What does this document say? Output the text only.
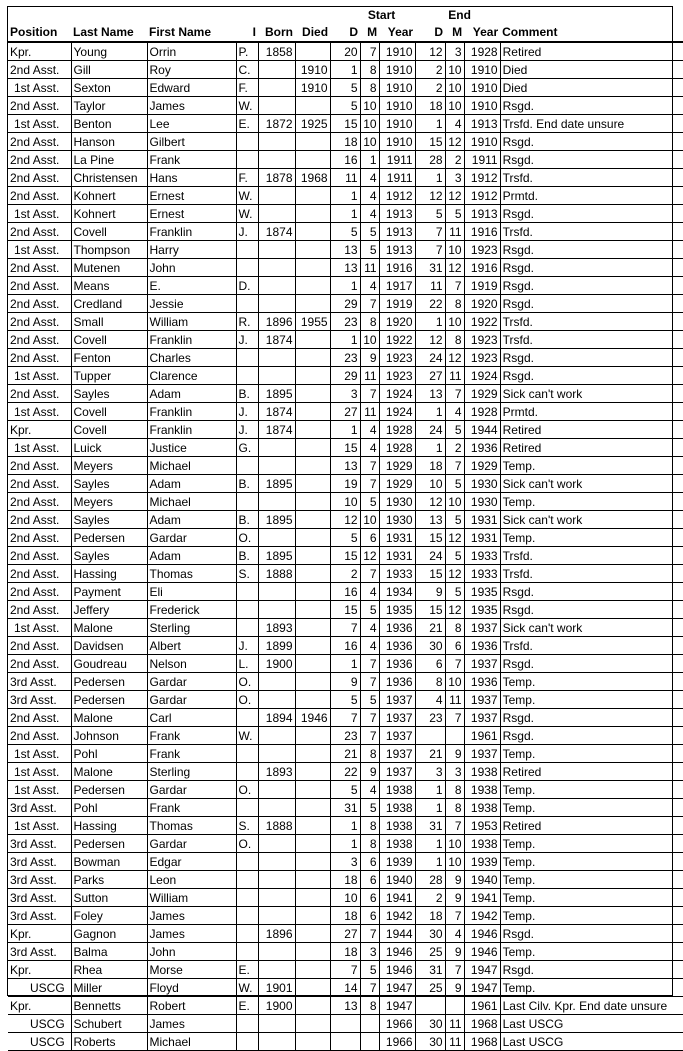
						Start			End			
Position	Last Name	First Name	I	Born	Died	D	M	Year	D	M	Year	Comment
Kpr.	Young	Orrin	P.	1858		20	7	1910	12	3	1928	Retired
2nd Asst.	Gill	Roy	C.		1910	1	8	1910	2	10	1910	Died
1st Asst.	Sexton	Edward	F.		1910	5	8	1910	2	10	1910	Died
2nd Asst.	Taylor	James	W.			5	10	1910	18	10	1910	Rsgd.
1st Asst.	Benton	Lee	E.	1872	1925	15	10	1910	1	4	1913	Trsfd. End date unsure
2nd Asst.	Hanson	Gilbert				18	10	1910	15	12	1910	Rsgd.
2nd Asst.	La Pine	Frank				16	1	1911	28	2	1911	Rsgd.
2nd Asst.	Christensen	Hans	F.	1878	1968	11	4	1911	1	3	1912	Trsfd.
2nd Asst.	Kohnert	Ernest	W.			1	4	1912	12	12	1912	Prmtd.
1st Asst.	Kohnert	Ernest	W.			1	4	1913	5	5	1913	Rsgd.
2nd Asst.	Covell	Franklin	J.	1874		5	5	1913	7	11	1916	Trsfd.
1st Asst.	Thompson	Harry				13	5	1913	7	10	1923	Rsgd.
2nd Asst.	Mutenen	John				13	11	1916	31	12	1916	Rsgd.
2nd Asst.	Means	E.	D.			1	4	1917	11	7	1919	Rsgd.
2nd Asst.	Credland	Jessie				29	7	1919	22	8	1920	Rsgd.
2nd Asst.	Small	William	R.	1896	1955	23	8	1920	1	10	1922	Trsfd.
2nd Asst.	Covell	Franklin	J.	1874		1	10	1922	12	8	1923	Trsfd.
2nd Asst.	Fenton	Charles				23	9	1923	24	12	1923	Rsgd.
1st Asst.	Tupper	Clarence				29	11	1923	27	11	1924	Rsgd.
2nd Asst.	Sayles	Adam	B.	1895		3	7	1924	13	7	1929	Sick can't work
1st Asst.	Covell	Franklin	J.	1874		27	11	1924	1	4	1928	Prmtd.
Kpr.	Covell	Franklin	J.	1874		1	4	1928	24	5	1944	Retired
1st Asst.	Luick	Justice	G.			15	4	1928	1	2	1936	Retired
2nd Asst.	Meyers	Michael				13	7	1929	18	7	1929	Temp.
2nd Asst.	Sayles	Adam	B.	1895		19	7	1929	10	5	1930	Sick can't work
2nd Asst.	Meyers	Michael				10	5	1930	12	10	1930	Temp.
2nd Asst.	Sayles	Adam	B.	1895		12	10	1930	13	5	1931	Sick can't work
2nd Asst.	Pedersen	Gardar	O.			5	6	1931	15	12	1931	Temp.
2nd Asst.	Sayles	Adam	B.	1895		15	12	1931	24	5	1933	Trsfd.
2nd Asst.	Hassing	Thomas	S.	1888		2	7	1933	15	12	1933	Trsfd.
2nd Asst.	Payment	Eli				16	4	1934	9	5	1935	Rsgd.
2nd Asst.	Jeffery	Frederick				15	5	1935	15	12	1935	Rsgd.
1st Asst.	Malone	Sterling		1893		7	4	1936	21	8	1937	Sick can't work
2nd Asst.	Davidsen	Albert	J.	1899		16	4	1936	30	6	1936	Trsfd.
2nd Asst.	Goudreau	Nelson	L.	1900		1	7	1936	6	7	1937	Rsgd.
3rd Asst.	Pedersen	Gardar	O.			9	7	1936	8	10	1936	Temp.
3rd Asst.	Pedersen	Gardar	O.			5	5	1937	4	11	1937	Temp.
2nd Asst.	Malone	Carl		1894	1946	7	7	1937	23	7	1937	Rsgd.
2nd Asst.	Johnson	Frank	W.			23	7	1937			1961	Rsgd.
1st Asst.	Pohl	Frank				21	8	1937	21	9	1937	Temp.
1st Asst.	Malone	Sterling		1893		22	9	1937	3	3	1938	Retired
1st Asst.	Pedersen	Gardar	O.			5	4	1938	1	8	1938	Temp.
3rd Asst.	Pohl	Frank				31	5	1938	1	8	1938	Temp.
1st Asst.	Hassing	Thomas	S.	1888		1	8	1938	31	7	1953	Retired
3rd Asst.	Pedersen	Gardar	O.			1	8	1938	1	10	1938	Temp.
3rd Asst.	Bowman	Edgar				3	6	1939	1	10	1939	Temp.
3rd Asst.	Parks	Leon				18	6	1940	28	9	1940	Temp.
3rd Asst.	Sutton	William				10	6	1941	2	9	1941	Temp.
3rd Asst.	Foley	James				18	6	1942	18	7	1942	Temp.
Kpr.	Gagnon	James		1896		27	7	1944	30	4	1946	Rsgd.
3rd Asst.	Balma	John				18	3	1946	25	9	1946	Temp.
Kpr.	Rhea	Morse	E.			7	5	1946	31	7	1947	Rsgd.
USCG	Miller	Floyd	W.	1901		14	7	1947	25	9	1947	Temp.
Kpr.	Bennetts	Robert	E.	1900		13	8	1947			1961	Last Cilv. Kpr. End date unsure
USCG	Schubert	James						1966	30	11	1968	Last USCG
USCG	Roberts	Michael						1966	30	11	1968	Last USCG
